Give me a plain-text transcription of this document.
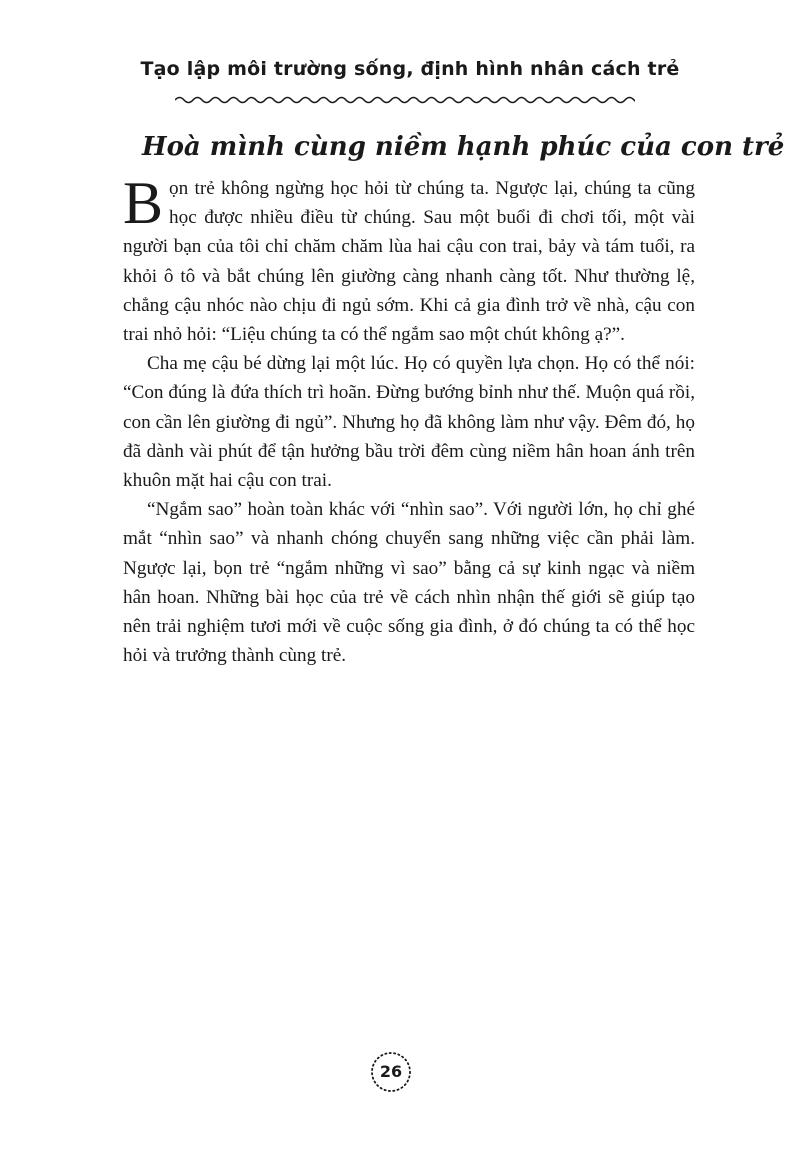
Tạo lập môi trường sống, định hình nhân cách trẻ
Hoà mình cùng niềm hạnh phúc của con trẻ

Bọn trẻ không ngừng học hỏi từ chúng ta. Ngược lại, chúng ta cũng học được nhiều điều từ chúng. Sau một buổi đi chơi tối, một vài người bạn của tôi chỉ chăm chăm lùa hai cậu con trai, bảy và tám tuổi, ra khỏi ô tô và bắt chúng lên giường càng nhanh càng tốt. Như thường lệ, chẳng cậu nhóc nào chịu đi ngủ sớm. Khi cả gia đình trở về nhà, cậu con trai nhỏ hỏi: “Liệu chúng ta có thể ngắm sao một chút không ạ?”.

Cha mẹ cậu bé dừng lại một lúc. Họ có quyền lựa chọn. Họ có thể nói: “Con đúng là đứa thích trì hoãn. Đừng bướng bỉnh như thế. Muộn quá rồi, con cần lên giường đi ngủ”. Nhưng họ đã không làm như vậy. Đêm đó, họ đã dành vài phút để tận hưởng bầu trời đêm cùng niềm hân hoan ánh trên khuôn mặt hai cậu con trai.

“Ngắm sao” hoàn toàn khác với “nhìn sao”. Với người lớn, họ chỉ ghé mắt “nhìn sao” và nhanh chóng chuyển sang những việc cần phải làm. Ngược lại, bọn trẻ “ngắm những vì sao” bằng cả sự kinh ngạc và niềm hân hoan. Những bài học của trẻ về cách nhìn nhận thế giới sẽ giúp tạo nên trải nghiệm tươi mới về cuộc sống gia đình, ở đó chúng ta có thể học hỏi và trưởng thành cùng trẻ.

26
